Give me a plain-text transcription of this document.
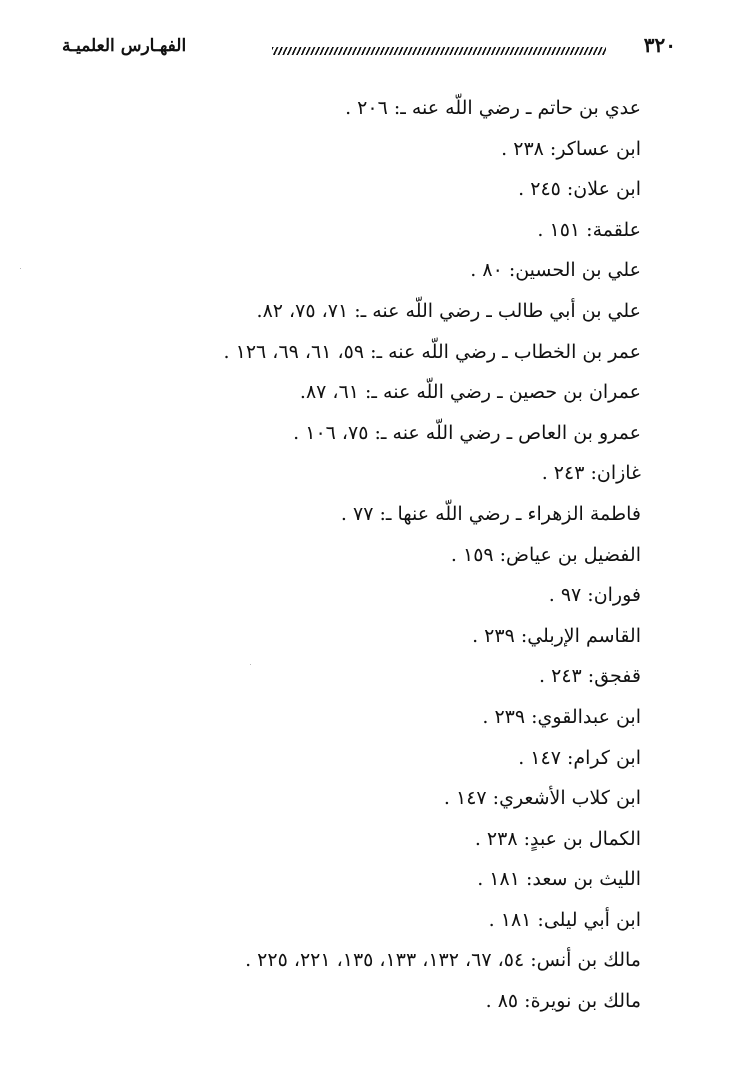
الفهـارس العلميـة	٣٢٠
عدي بن حاتم ـ رضي اللّه عنه ـ: ٢٠٦ .
ابن عساكر: ٢٣٨ .
ابن علان: ٢٤٥ .
علقمة: ١٥١ .
علي بن الحسين: ٨٠ .
علي بن أبي طالب ـ رضي اللّه عنه ـ: ٧١، ٧٥، ٨٢.
عمر بن الخطاب ـ رضي اللّه عنه ـ: ٥٩، ٦١، ٦٩، ١٢٦ .
عمران بن حصين ـ رضي اللّه عنه ـ: ٦١، ٨٧.
عمرو بن العاص ـ رضي اللّه عنه ـ: ٧٥، ١٠٦ .
غازان: ٢٤٣ .
فاطمة الزهراء ـ رضي اللّه عنها ـ: ٧٧ .
الفضيل بن عياض: ١٥٩ .
فوران: ٩٧ .
القاسم الإربلي: ٢٣٩ .
قفجق: ٢٤٣ .
ابن عبدالقوي: ٢٣٩ .
ابن كرام: ١٤٧ .
ابن كلاب الأشعري: ١٤٧ .
الكمال بن عبدٍ: ٢٣٨ .
الليث بن سعد: ١٨١ .
ابن أبي ليلى: ١٨١ .
مالك بن أنس: ٥٤، ٦٧، ١٣٢، ١٣٣، ١٣٥، ٢٢١، ٢٢٥ .
مالك بن نويرة: ٨٥ .
